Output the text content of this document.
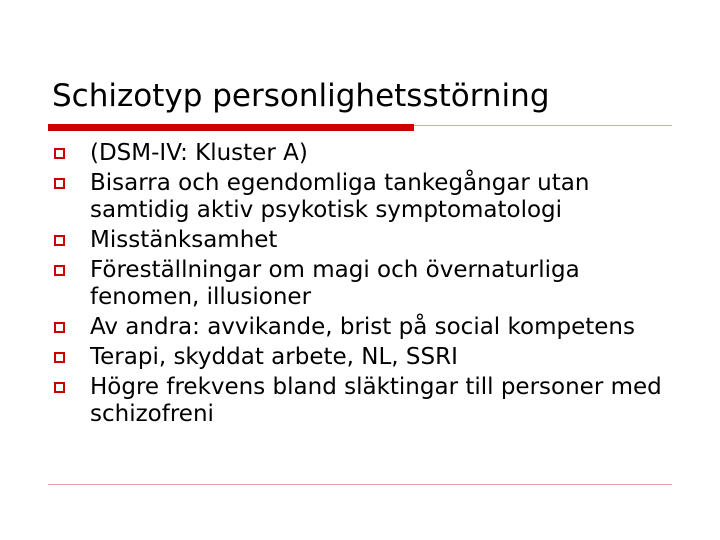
Schizotyp personlighetsstörning
(DSM-IV: Kluster A)
Bisarra och egendomliga tankegångar utan samtidig aktiv psykotisk symptomatologi
Misstänksamhet
Föreställningar om magi och övernaturliga fenomen, illusioner
Av andra: avvikande, brist på social kompetens
Terapi, skyddat arbete, NL, SSRI
Högre frekvens bland släktingar till personer med schizofreni
